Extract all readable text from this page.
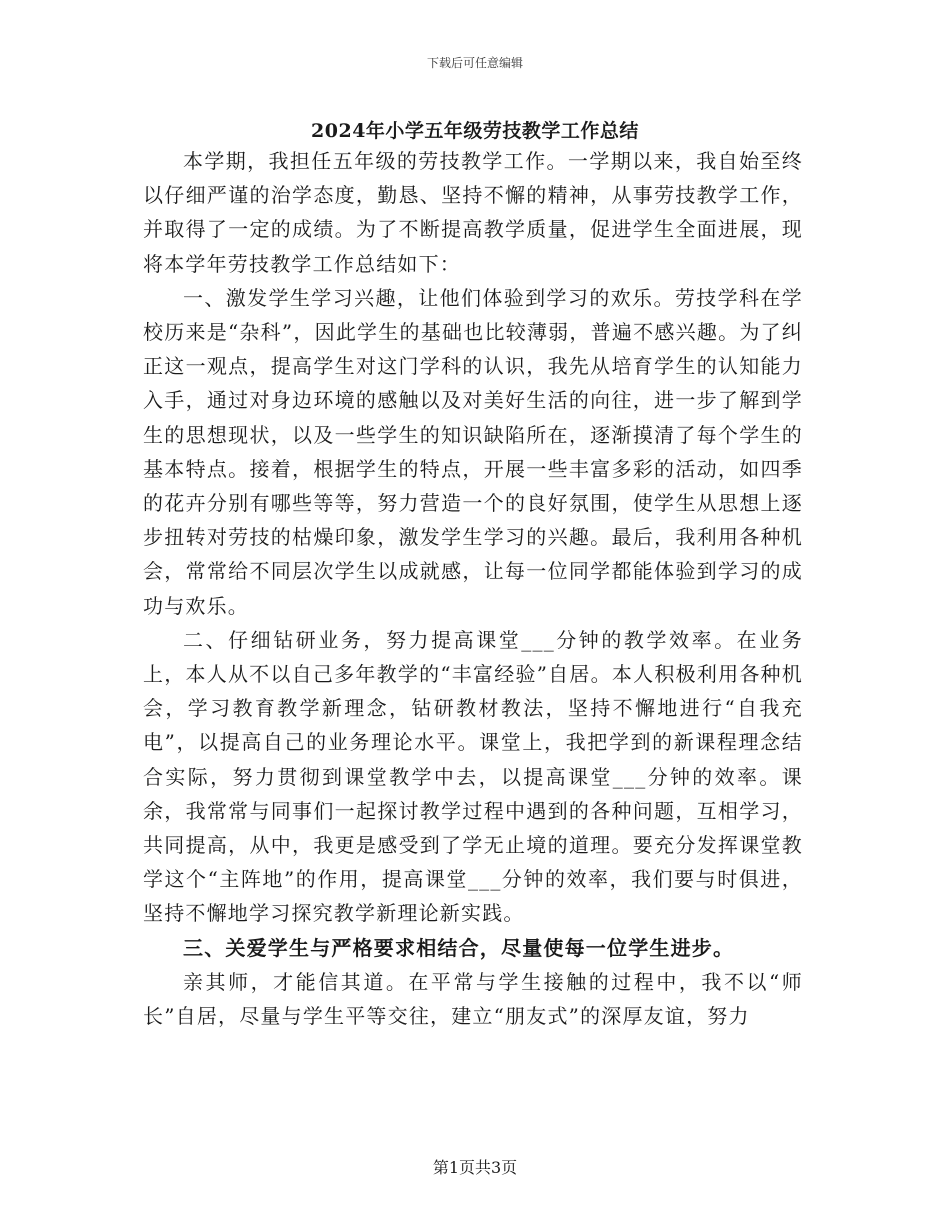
下载后可任意编辑
2024年小学五年级劳技教学工作总结

本学期，我担任五年级的劳技教学工作。一学期以来，我自始至终以仔细严谨的治学态度，勤恳、坚持不懈的精神，从事劳技教学工作，并取得了一定的成绩。为了不断提高教学质量，促进学生全面进展，现将本学年劳技教学工作总结如下：

一、激发学生学习兴趣，让他们体验到学习的欢乐。劳技学科在学校历来是“杂科”，因此学生的基础也比较薄弱，普遍不感兴趣。为了纠正这一观点，提高学生对这门学科的认识，我先从培育学生的认知能力入手，通过对身边环境的感触以及对美好生活的向往，进一步了解到学生的思想现状，以及一些学生的知识缺陷所在，逐渐摸清了每个学生的基本特点。接着，根据学生的特点，开展一些丰富多彩的活动，如四季的花卉分别有哪些等等，努力营造一个的良好氛围，使学生从思想上逐步扭转对劳技的枯燥印象，激发学生学习的兴趣。最后，我利用各种机会，常常给不同层次学生以成就感，让每一位同学都能体验到学习的成功与欢乐。

二、仔细钻研业务，努力提高课堂___分钟的教学效率。在业务上，本人从不以自己多年教学的“丰富经验”自居。本人积极利用各种机会，学习教育教学新理念，钻研教材教法，坚持不懈地进行“自我充电”，以提高自己的业务理论水平。课堂上，我把学到的新课程理念结合实际，努力贯彻到课堂教学中去，以提高课堂___分钟的效率。课余，我常常与同事们一起探讨教学过程中遇到的各种问题，互相学习，共同提高，从中，我更是感受到了学无止境的道理。要充分发挥课堂教学这个“主阵地”的作用，提高课堂___分钟的效率，我们要与时俱进，坚持不懈地学习探究教学新理论新实践。

三、关爱学生与严格要求相结合，尽量使每一位学生进步。

亲其师，才能信其道。在平常与学生接触的过程中，我不以“师长”自居，尽量与学生平等交往，建立“朋友式”的深厚友谊，努力

第1页共3页
